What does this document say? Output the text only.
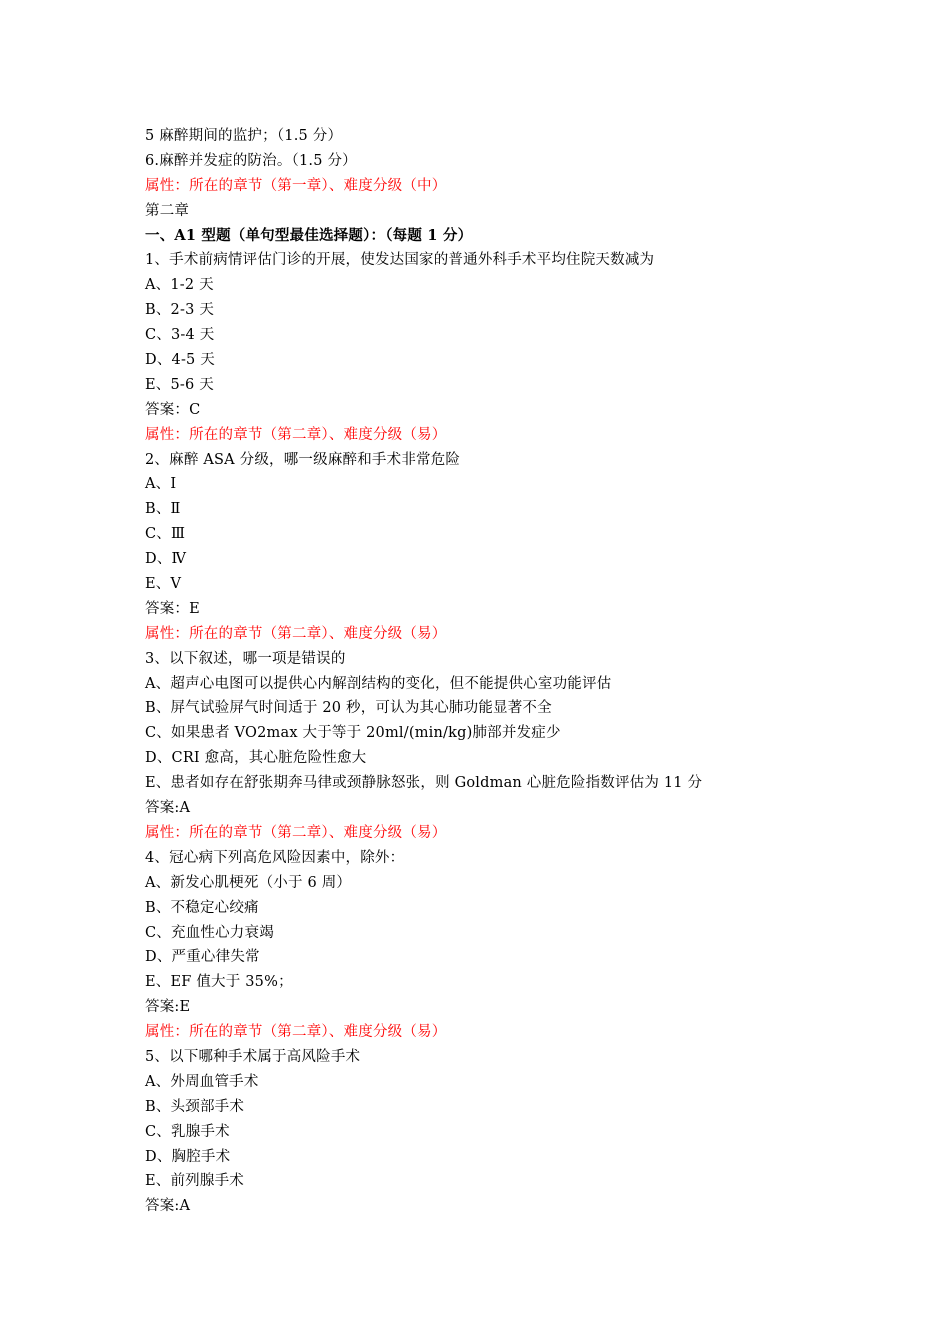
5 麻醉期间的监护；（1.5 分）
6.麻醉并发症的防治。（1.5 分）
属性：所在的章节（第一章）、难度分级（中）
第二章
一、A1 型题（单句型最佳选择题）：（每题 1 分）
1、手术前病情评估门诊的开展，使发达国家的普通外科手术平均住院天数减为
A、1-2 天
B、2-3 天
C、3-4 天
D、4-5 天
E、5-6 天
答案：C
属性：所在的章节（第二章）、难度分级（易）
2、麻醉 ASA 分级，哪一级麻醉和手术非常危险
A、Ⅰ
B、Ⅱ
C、Ⅲ
D、Ⅳ
E、Ⅴ
答案：E
属性：所在的章节（第二章）、难度分级（易）
3、以下叙述，哪一项是错误的
A、超声心电图可以提供心内解剖结构的变化，但不能提供心室功能评估
B、屏气试验屏气时间适于 20 秒，可认为其心肺功能显著不全
C、如果患者 VO2max 大于等于 20ml/(min/kg)肺部并发症少
D、CRI 愈高，其心脏危险性愈大
E、患者如存在舒张期奔马律或颈静脉怒张，则 Goldman 心脏危险指数评估为 11 分
答案:A
属性：所在的章节（第二章）、难度分级（易）
4、冠心病下列高危风险因素中，除外：
A、新发心肌梗死（小于 6 周）
B、不稳定心绞痛
C、充血性心力衰竭
D、严重心律失常
E、EF 值大于 35%；
答案:E
属性：所在的章节（第二章）、难度分级（易）
5、以下哪种手术属于高风险手术
A、外周血管手术
B、头颈部手术
C、乳腺手术
D、胸腔手术
E、前列腺手术
答案:A
